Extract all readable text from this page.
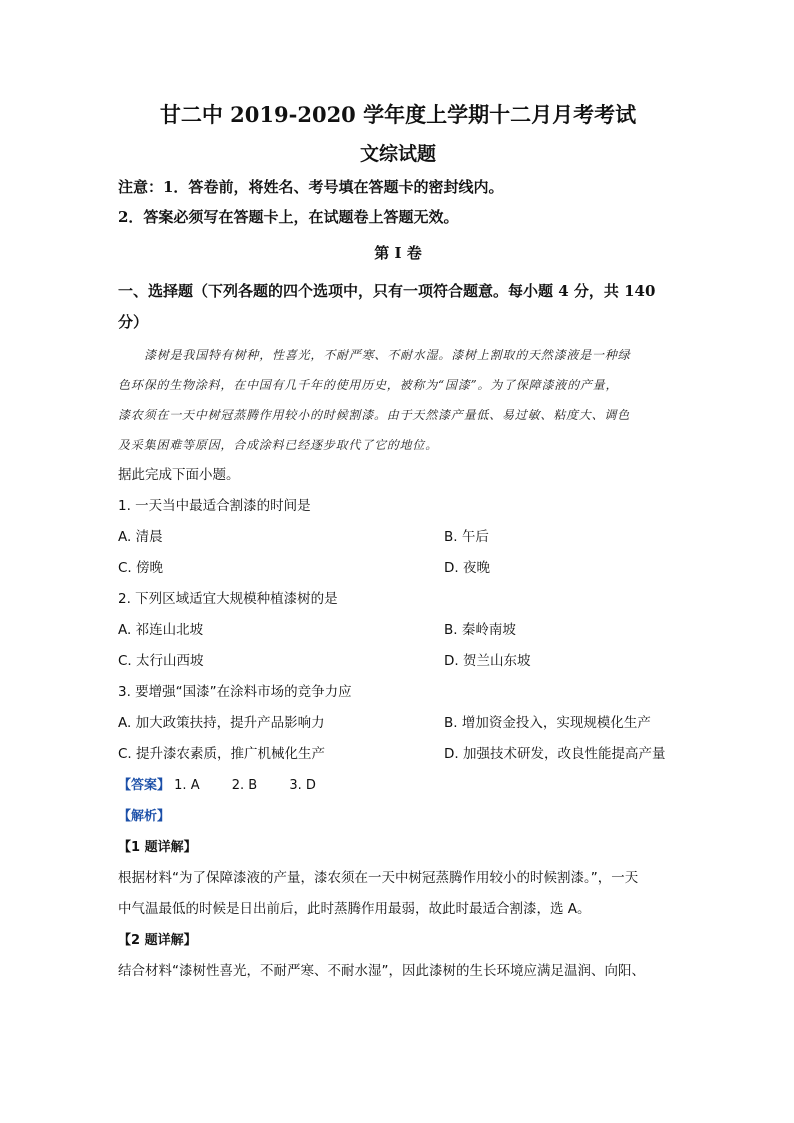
甘二中 2019-2020 学年度上学期十二月月考考试
文综试题

注意：1．答卷前，将姓名、考号填在答题卡的密封线内。

2．答案必须写在答题卡上，在试题卷上答题无效。

第 I 卷
一、选择题（下列各题的四个选项中，只有一项符合题意。每小题 4 分，共 140
分）

漆树是我国特有树种，性喜光，不耐严寒、不耐水湿。漆树上割取的天然漆液是一种绿

色环保的生物涂料，在中国有几千年的使用历史，被称为“国漆”。为了保障漆液的产量，

漆农须在一天中树冠蒸腾作用较小的时候割漆。由于天然漆产量低、易过敏、粘度大、调色

及采集困难等原因，合成涂料已经逐步取代了它的地位。

据此完成下面小题。

1. 一天当中最适合割漆的时间是

A. 清晨	B. 午后
C. 傍晚	D. 夜晚

2. 下列区域适宜大规模种植漆树的是

A. 祁连山北坡	B. 秦岭南坡
C. 太行山西坡	D. 贺兰山东坡

3. 要增强“国漆”在涂料市场的竞争力应

A. 加大政策扶持，提升产品影响力	B. 增加资金投入，实现规模化生产
C. 提升漆农素质，推广机械化生产	D. 加强技术研发，改良性能提高产量

【答案】 1. A 2. B 3. D

【解析】

【1 题详解】

根据材料“为了保障漆液的产量，漆农须在一天中树冠蒸腾作用较小的时候割漆。”，一天

中气温最低的时候是日出前后，此时蒸腾作用最弱，故此时最适合割漆，选 A。

【2 题详解】

结合材料“漆树性喜光，不耐严寒、不耐水湿”，因此漆树的生长环境应满足温润、向阳、
